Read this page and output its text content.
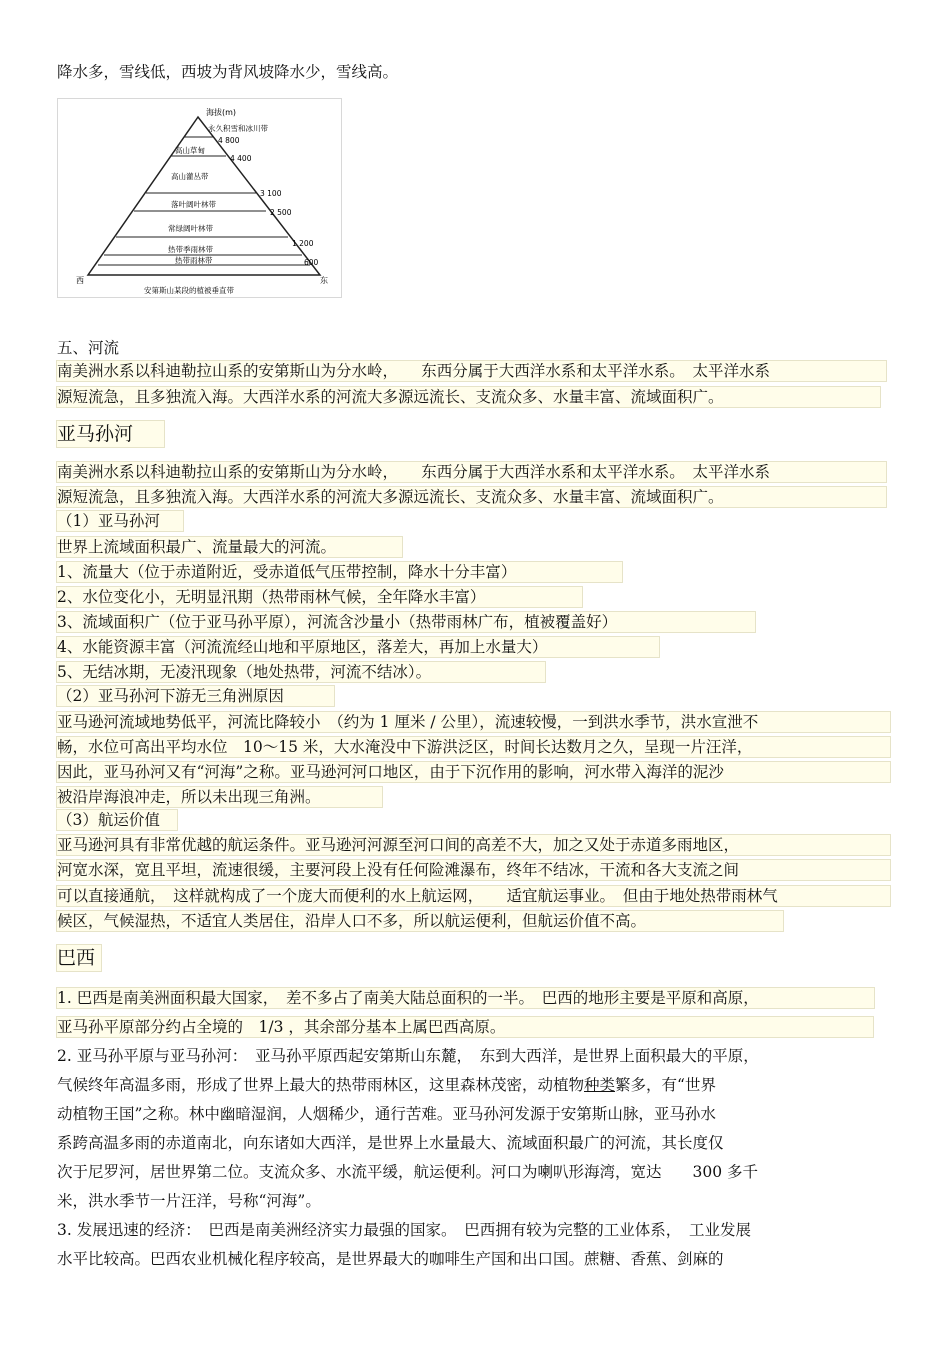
降水多，雪线低，西坡为背风坡降水少，雪线高。
海拔(m)
永久积雪和冰川带
高山草甸
高山灌丛带
落叶阔叶林带
常绿阔叶林带
热带季雨林带
热带雨林带
4 800
4 400
3 100
2 500
1 200
600
西	东
安第斯山某段的植被垂直带
五、河流
南美洲水系以科迪勒拉山系的安第斯山为分水岭，　　东西分属于大西洋水系和太平洋水系。　太平洋水系
源短流急，且多独流入海。大西洋水系的河流大多源远流长、支流众多、水量丰富、流域面积广。
亚马孙河
南美洲水系以科迪勒拉山系的安第斯山为分水岭，　　东西分属于大西洋水系和太平洋水系。　太平洋水系
源短流急，且多独流入海。大西洋水系的河流大多源远流长、支流众多、水量丰富、流域面积广。
（1）亚马孙河
世界上流域面积最广、流量最大的河流。
1、流量大（位于赤道附近，受赤道低气压带控制，降水十分丰富）
2、水位变化小，无明显汛期（热带雨林气候，全年降水丰富）
3、流域面积广（位于亚马孙平原），河流含沙量小（热带雨林广布，植被覆盖好）
4、水能资源丰富（河流流经山地和平原地区，落差大，再加上水量大）
5、无结冰期，无凌汛现象（地处热带，河流不结冰）。
（2）亚马孙河下游无三角洲原因
亚马逊河流域地势低平，河流比降较小　（约为 1 厘米 / 公里），流速较慢，一到洪水季节，洪水宣泄不
畅，水位可高出平均水位　10～15 米，大水淹没中下游洪泛区，时间长达数月之久，呈现一片汪洋，
因此，亚马孙河又有“河海”之称。亚马逊河河口地区，由于下沉作用的影响，河水带入海洋的泥沙
被沿岸海浪冲走，所以未出现三角洲。
（3）航运价值
亚马逊河具有非常优越的航运条件。亚马逊河河源至河口间的高差不大，加之又处于赤道多雨地区，
河宽水深，宽且平坦，流速很缓，主要河段上没有任何险滩瀑布，终年不结冰，干流和各大支流之间
可以直接通航，　这样就构成了一个庞大而便利的水上航运网，　　适宜航运事业。　但由于地处热带雨林气
候区，气候湿热，不适宜人类居住，沿岸人口不多，所以航运便利，但航运价值不高。
巴西
1. 巴西是南美洲面积最大国家，　差不多占了南美大陆总面积的一半。　巴西的地形主要是平原和高原，
亚马孙平原部分约占全境的　1/3 ，其余部分基本上属巴西高原。
2. 亚马孙平原与亚马孙河：　亚马孙平原西起安第斯山东麓，　东到大西洋，是世界上面积最大的平原，
气候终年高温多雨，形成了世界上最大的热带雨林区，这里森林茂密，动植物种类繁多，有“世界
动植物王国”之称。林中幽暗湿润，人烟稀少，通行苦难。亚马孙河发源于安第斯山脉，亚马孙水
系跨高温多雨的赤道南北，向东诸如大西洋，是世界上水量最大、流域面积最广的河流，其长度仅
次于尼罗河，居世界第二位。支流众多、水流平缓，航运便利。河口为喇叭形海湾，宽达　　300 多千
米，洪水季节一片汪洋，号称“河海”。
3. 发展迅速的经济：　巴西是南美洲经济实力最强的国家。　巴西拥有较为完整的工业体系，　工业发展
水平比较高。巴西农业机械化程序较高，是世界最大的咖啡生产国和出口国。蔗糖、香蕉、剑麻的
